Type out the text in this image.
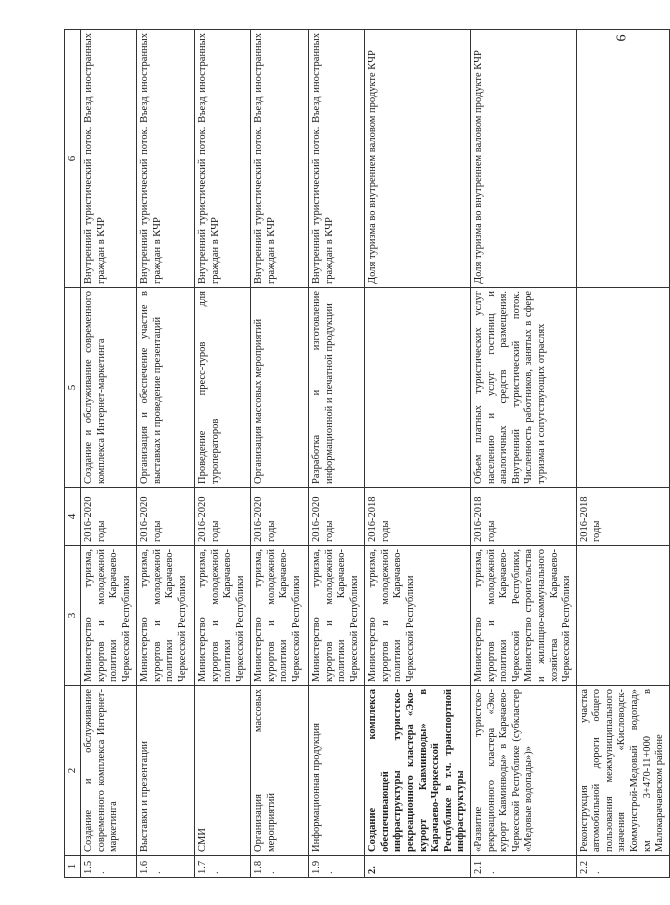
6
1	2	3	4	5	6
1.5.	Создание и обслуживание современного комплекса Интернет-маркетинга	Министерство туризма, курортов и молодежной политики Карачаево-Черкесской Республики	2016-2020 годы	Создание и обслуживание современного комплекса Интернет-маркетинга	Внутренний туристический поток. Въезд иностранных граждан в КЧР
1.6.	Выставки и презентации	Министерство туризма, курортов и молодежной политики Карачаево-Черкесской Республики	2016-2020 годы	Организация и обеспечение участие в выставках и проведение презентаций	Внутренний туристический поток. Въезд иностранных граждан в КЧР
1.7.	СМИ	Министерство туризма, курортов и молодежной политики Карачаево-Черкесской Республики	2016-2020 годы	Проведение пресс-туров для туроператоров	Внутренний туристический поток. Въезд иностранных граждан в КЧР
1.8.	Организация массовых мероприятий	Министерство туризма, курортов и молодежной политики Карачаево-Черкесской Республики	2016-2020 годы	Организация массовых мероприятий	Внутренний туристический поток. Въезд иностранных граждан в КЧР
1.9.	Информационная продукция	Министерство туризма, курортов и молодежной политики Карачаево-Черкесской Республики	2016-2020 годы	Разработка и изготовление информационной и печатной продукции	Внутренний туристический поток. Въезд иностранных граждан в КЧР
2.	Создание комплекса обеспечивающей инфраструктуры туристско-рекреационного кластера «Эко-курорт Кавминводы» в Карачаево-Черкесской Республике в т.ч. транспортной инфраструктуры	Министерство туризма, курортов и молодежной политики Карачаево-Черкесской Республики	2016-2018 годы		Доля туризма во внутреннем валовом продукте КЧР
2.1.	«Развитие туристско-рекреационного кластера «Эко-курорт Кавминводы» в Карачаево-Черкесской Республике (субкластер «Медовые водопады»)»	Министерство туризма, курортов и молодежной политики Карачаево-Черкесской Республики, Министерство строительства и жилищно-коммунального хозяйства Карачаево-Черкесской Республики	2016-2018 годы	Объем платных туристических услуг населению и услуг гостиниц и аналогичных средств размещения. Внутренний туристический поток. Численность работников, занятых в сфере туризма и сопутствующих отраслях	Доля туризма во внутреннем валовом продукте КЧР
2.2.	Реконструкция участка автомобильной дороги общего пользования межмуниципального значения «Кисловодск-Коммунстрой-Медовый водопад» км 3+470-11+000 в Малокарачаевском районе		2016-2018 годы		
